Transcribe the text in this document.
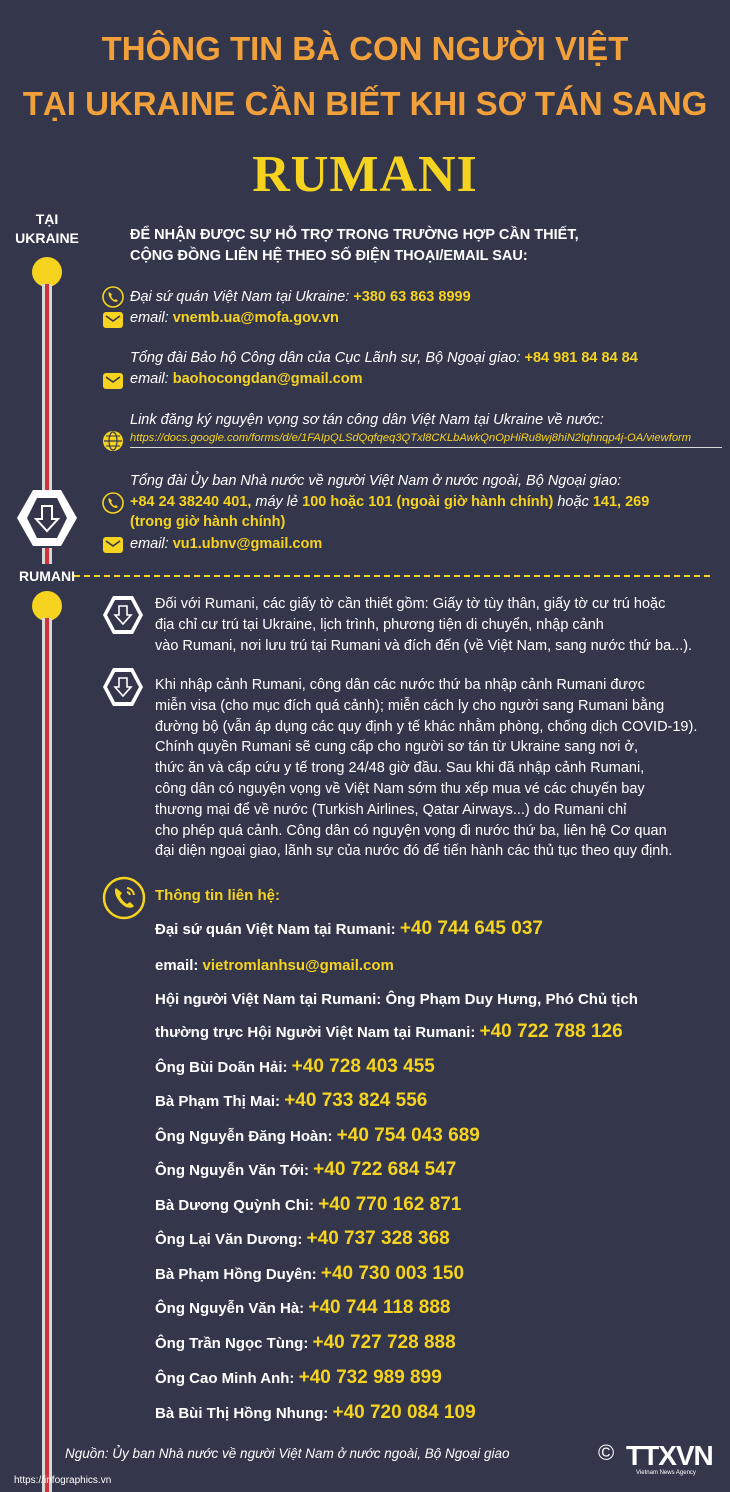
THÔNG TIN BÀ CON NGƯỜI VIỆT
TẠI UKRAINE CẦN BIẾT KHI SƠ TÁN SANG
RUMANI
TẠI
UKRAINE
RUMANI
ĐỂ NHẬN ĐƯỢC SỰ HỖ TRỢ TRONG TRƯỜNG HỢP CẦN THIẾT,
CỘNG ĐỒNG LIÊN HỆ THEO SỐ ĐIỆN THOẠI/EMAIL SAU:
Đại sứ quán Việt Nam tại Ukraine: +380 63 863 8999
email: vnemb.ua@mofa.gov.vn
Tổng đài Bảo hộ Công dân của Cục Lãnh sự, Bộ Ngoại giao: +84 981 84 84 84
email: baohocongdan@gmail.com
Link đăng ký nguyện vọng sơ tán công dân Việt Nam tại Ukraine về nước:
https://docs.google.com/forms/d/e/1FAIpQLSdQqfqeq3QTxl8CKLbAwkQnOpHiRu8wj8hiN2lqhnqp4j-OA/viewform
Tổng đài Ủy ban Nhà nước về người Việt Nam ở nước ngoài, Bộ Ngoại giao:
+84 24 38240 401, máy lẻ 100 hoặc 101 (ngoài giờ hành chính) hoặc 141, 269
(trong giờ hành chính)
email: vu1.ubnv@gmail.com
Đối với Rumani, các giấy tờ cần thiết gồm: Giấy tờ tùy thân, giấy tờ cư trú hoặc
địa chỉ cư trú tại Ukraine, lịch trình, phương tiện di chuyển, nhập cảnh
vào Rumani, nơi lưu trú tại Rumani và đích đến (về Việt Nam, sang nước thứ ba...).
Khi nhập cảnh Rumani, công dân các nước thứ ba nhập cảnh Rumani được
miễn visa (cho mục đích quá cảnh); miễn cách ly cho người sang Rumani bằng
đường bộ (vẫn áp dụng các quy định y tế khác nhằm phòng, chống dịch COVID-19).
Chính quyền Rumani sẽ cung cấp cho người sơ tán từ Ukraine sang nơi ở,
thức ăn và cấp cứu y tế trong 24/48 giờ đầu. Sau khi đã nhập cảnh Rumani,
công dân có nguyện vọng về Việt Nam sớm thu xếp mua vé các chuyến bay
thương mại để về nước (Turkish Airlines, Qatar Airways...) do Rumani chỉ
cho phép quá cảnh. Công dân có nguyện vọng đi nước thứ ba, liên hệ Cơ quan
đại diện ngoại giao, lãnh sự của nước đó để tiến hành các thủ tục theo quy định.
Thông tin liên hệ:
Đại sứ quán Việt Nam tại Rumani: +40 744 645 037
email: vietromlanhsu@gmail.com
Hội người Việt Nam tại Rumani: Ông Phạm Duy Hưng, Phó Chủ tịch
thường trực Hội Người Việt Nam tại Rumani: +40 722 788 126
Ông Bùi Doãn Hải: +40 728 403 455
Bà Phạm Thị Mai: +40 733 824 556
Ông Nguyễn Đăng Hoàn: +40 754 043 689
Ông Nguyễn Văn Tới: +40 722 684 547
Bà Dương Quỳnh Chi: +40 770 162 871
Ông Lại Văn Dương: +40 737 328 368
Bà Phạm Hồng Duyên: +40 730 003 150
Ông Nguyễn Văn Hà: +40 744 118 888
Ông Trần Ngọc Tùng: +40 727 728 888
Ông Cao Minh Anh: +40 732 989 899
Bà Bùi Thị Hồng Nhung: +40 720 084 109
Nguồn: Ủy ban Nhà nước về người Việt Nam ở nước ngoài, Bộ Ngoại giao	© TTXVN
Vietnam News Agency
https://infographics.vn
